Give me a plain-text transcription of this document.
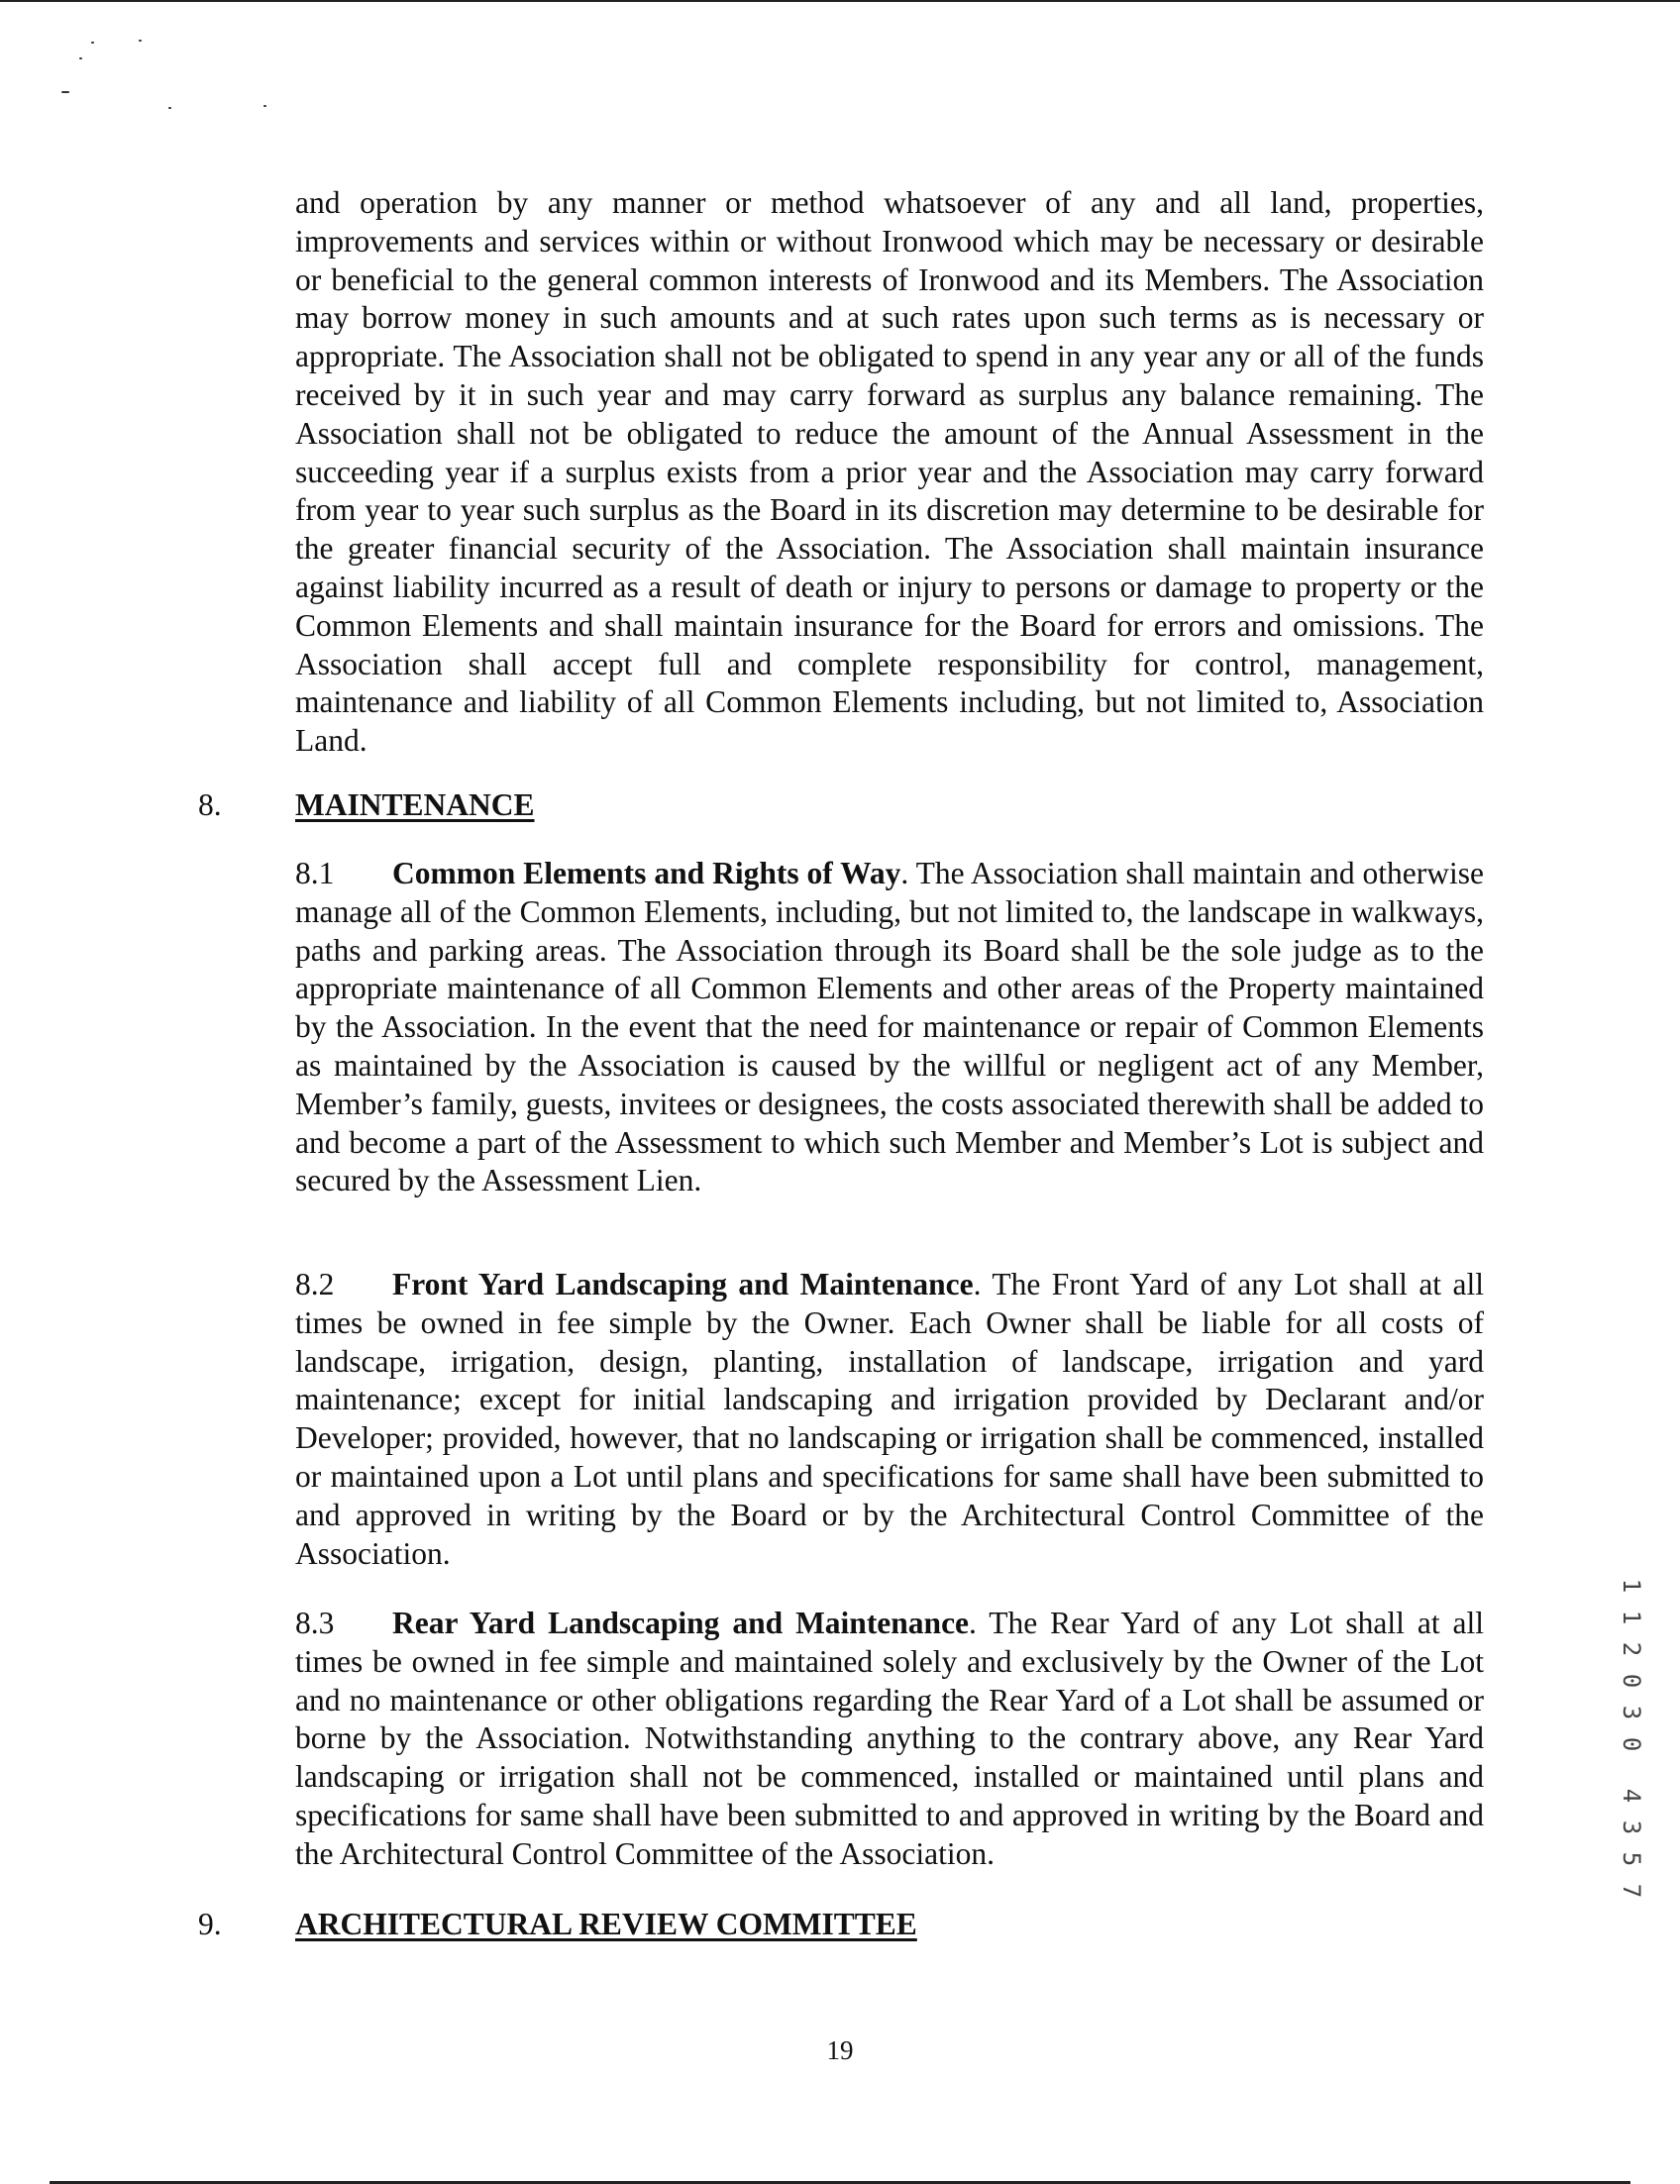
and operation by any manner or method whatsoever of any and all land, properties, improvements and services within or without Ironwood which may be necessary or desirable or beneficial to the general common interests of Ironwood and its Members. The Association may borrow money in such amounts and at such rates upon such terms as is necessary or appropriate. The Association shall not be obligated to spend in any year any or all of the funds received by it in such year and may carry forward as surplus any balance remaining. The Association shall not be obligated to reduce the amount of the Annual Assessment in the succeeding year if a surplus exists from a prior year and the Association may carry forward from year to year such surplus as the Board in its discretion may determine to be desirable for the greater financial security of the Association. The Association shall maintain insurance against liability incurred as a result of death or injury to persons or damage to property or the Common Elements and shall maintain insurance for the Board for errors and omissions. The Association shall accept full and complete responsibility for control, management, maintenance and liability of all Common Elements including, but not limited to, Association Land.
8. MAINTENANCE
8.1 Common Elements and Rights of Way. The Association shall maintain and otherwise manage all of the Common Elements, including, but not limited to, the landscape in walkways, paths and parking areas. The Association through its Board shall be the sole judge as to the appropriate maintenance of all Common Elements and other areas of the Property maintained by the Association. In the event that the need for maintenance or repair of Common Elements as maintained by the Association is caused by the willful or negligent act of any Member, Member’s family, guests, invitees or designees, the costs associated therewith shall be added to and become a part of the Assessment to which such Member and Member’s Lot is subject and secured by the Assessment Lien.
8.2 Front Yard Landscaping and Maintenance. The Front Yard of any Lot shall at all times be owned in fee simple by the Owner. Each Owner shall be liable for all costs of landscape, irrigation, design, planting, installation of landscape, irrigation and yard maintenance; except for initial landscaping and irrigation provided by Declarant and/or Developer; provided, however, that no landscaping or irrigation shall be commenced, installed or maintained upon a Lot until plans and specifications for same shall have been submitted to and approved in writing by the Board or by the Architectural Control Committee of the Association.
8.3 Rear Yard Landscaping and Maintenance. The Rear Yard of any Lot shall at all times be owned in fee simple and maintained solely and exclusively by the Owner of the Lot and no maintenance or other obligations regarding the Rear Yard of a Lot shall be assumed or borne by the Association. Notwithstanding anything to the contrary above, any Rear Yard landscaping or irrigation shall not be commenced, installed or maintained until plans and specifications for same shall have been submitted to and approved in writing by the Board and the Architectural Control Committee of the Association.
9. ARCHITECTURAL REVIEW COMMITTEE
19
1
1
2
0
3
0
4
3
5
7
